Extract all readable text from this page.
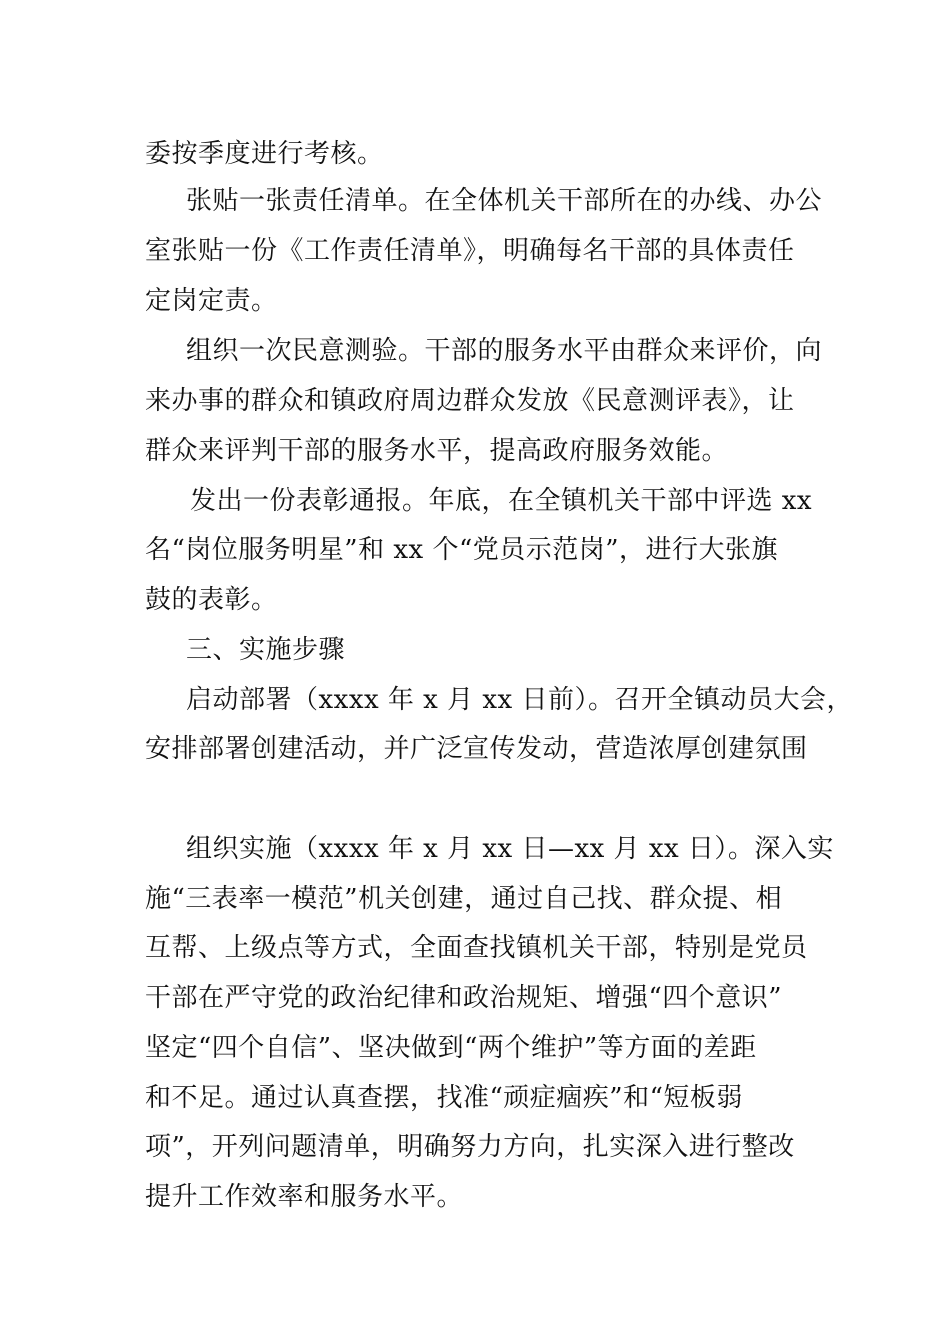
委按季度进行考核。
张贴一张责任清单。在全体机关干部所在的办线、办公
室张贴一份《工作责任清单》，明确每名干部的具体责任
定岗定责。
组织一次民意测验。干部的服务水平由群众来评价，向
来办事的群众和镇政府周边群众发放《民意测评表》，让
群众来评判干部的服务水平，提高政府服务效能。
发出一份表彰通报。年底，在全镇机关干部中评选 xx
名“岗位服务明星”和 xx 个“党员示范岗”，进行大张旗
鼓的表彰。
三、实施步骤
启动部署（xxxx 年 x 月 xx 日前）。召开全镇动员大会，
安排部署创建活动，并广泛宣传发动，营造浓厚创建氛围
组织实施（xxxx 年 x 月 xx 日—xx 月 xx 日）。深入实
施“三表率一模范”机关创建，通过自己找、群众提、相
互帮、上级点等方式，全面查找镇机关干部，特别是党员
干部在严守党的政治纪律和政治规矩、增强“四个意识”
坚定“四个自信”、坚决做到“两个维护”等方面的差距
和不足。通过认真查摆，找准“顽症痼疾”和“短板弱
项”，开列问题清单，明确努力方向，扎实深入进行整改
提升工作效率和服务水平。
